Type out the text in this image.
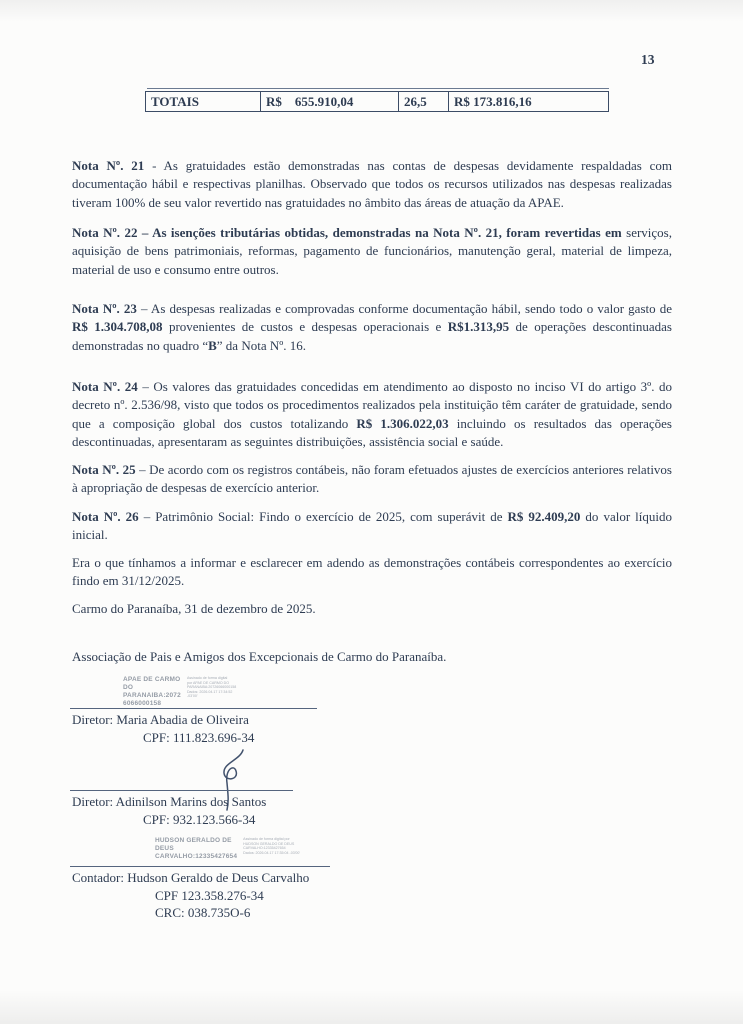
13
TOTAIS	R$    655.910,04	26,5	R$ 173.816,16

Nota Nº. 21 - As gratuidades estão demonstradas nas contas de despesas devidamente respaldadas com documentação hábil e respectivas planilhas. Observado que todos os recursos utilizados nas despesas realizadas tiveram 100% de seu valor revertido nas gratuidades no âmbito das áreas de atuação da APAE.

Nota Nº. 22 – As isenções tributárias obtidas, demonstradas na Nota Nº. 21, foram revertidas em serviços, aquisição de bens patrimoniais, reformas, pagamento de funcionários, manutenção geral, material de limpeza, material de uso e consumo entre outros.

Nota Nº. 23 – As despesas realizadas e comprovadas conforme documentação hábil, sendo todo o valor gasto de R$ 1.304.708,08 provenientes de custos e despesas operacionais e R$1.313,95 de operações descontinuadas demonstradas no quadro “B” da Nota Nº. 16.

Nota Nº. 24 – Os valores das gratuidades concedidas em atendimento ao disposto no inciso VI do artigo 3º. do decreto nº. 2.536/98, visto que todos os procedimentos realizados pela instituição têm caráter de gratuidade, sendo que a composição global dos custos totalizando R$ 1.306.022,03 incluindo os resultados das operações descontinuadas, apresentaram as seguintes distribuições, assistência social e saúde.

Nota Nº. 25 – De acordo com os registros contábeis, não foram efetuados ajustes de exercícios anteriores relativos à apropriação de despesas de exercício anterior.

Nota Nº. 26 – Patrimônio Social: Findo o exercício de 2025, com superávit de R$ 92.409,20 do valor líquido inicial.

Era o que tínhamos a informar e esclarecer em adendo as demonstrações contábeis correspondentes ao exercício findo em 31/12/2025.

Carmo do Paranaíba, 31 de dezembro de 2025.

Associação de Pais e Amigos dos Excepcionais de Carmo do Paranaíba.

APAE DE CARMO
DO
PARANAIBA:2072
6066000158
Assinado de forma digital
por APAE DE CARMO DO
PARANAIBA:20726066000158
Dados: 2026.04.17 17:34:52
-03'00'
Diretor: Maria Abadia de Oliveira
CPF: 111.823.696-34
Diretor: Adinilson Marins dos Santos
CPF: 932.123.566-34
HUDSON GERALDO DE
DEUS
CARVALHO:12335427654
Assinado de forma digital por
HUDSON GERALDO DE DEUS
CARVALHO:12335427654
Dados: 2026.04.17 17:35:04 -03'00'
Contador: Hudson Geraldo de Deus Carvalho
CPF 123.358.276-34
CRC: 038.735O-6
